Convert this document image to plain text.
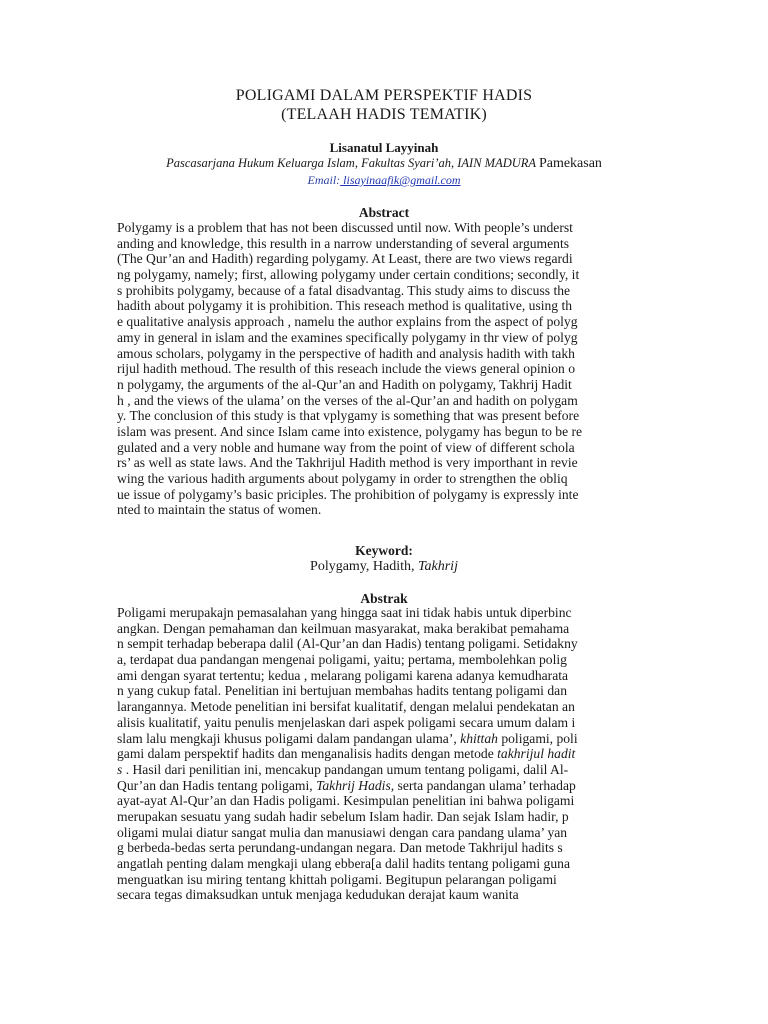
POLIGAMI DALAM PERSPEKTIF HADIS
(TELAAH HADIS TEMATIK)
Lisanatul Layyinah
Pascasarjana Hukum Keluarga Islam, Fakultas Syari’ah, IAIN MADURA Pamekasan
Email: lisayinaafik@gmail.com
Abstract
Polygamy is a problem that has not been discussed until now. With people’s underst
anding and knowledge, this resulth in a narrow understanding of several arguments
(The Qur’an and Hadith) regarding polygamy. At Least, there are two views regardi
ng polygamy, namely; first, allowing polygamy under certain conditions; secondly, it
s prohibits polygamy, because of a fatal disadvantag. This study aims to discuss the
hadith about polygamy it is prohibition. This reseach method is qualitative, using th
e qualitative analysis approach , namelu the author explains from the aspect of polyg
amy in general in islam and the examines specifically polygamy in thr view of polyg
amous scholars, polygamy in the perspective of hadith and analysis hadith with takh
rijul hadith methoud. The resulth of this reseach include the views general opinion o
n polygamy, the arguments of the al-Qur’an and Hadith on polygamy, Takhrij Hadit
h , and the views of the ulama’ on the verses of the al-Qur’an and hadith on polygam
y. The conclusion of this study is that vplygamy is something that was present before
islam was present. And since Islam came into existence, polygamy has begun to be re
gulated and a very noble and humane way from the point of view of different schola
rs’ as well as state laws. And the Takhrijul Hadith method is very importhant in revie
wing the various hadith arguments about polygamy in order to strengthen the obliq
ue issue of polygamy’s basic priciples. The prohibition of polygamy is expressly inte
nted to maintain the status of women.
Keyword:
Polygamy, Hadith, Takhrij
Abstrak
Poligami merupakajn pemasalahan yang hingga saat ini tidak habis untuk diperbinc
angkan. Dengan pemahaman dan keilmuan masyarakat, maka berakibat pemahama
n sempit terhadap beberapa dalil (Al-Qur’an dan Hadis) tentang poligami. Setidakny
a, terdapat dua pandangan mengenai poligami, yaitu; pertama, membolehkan polig
ami dengan syarat tertentu; kedua , melarang poligami karena adanya kemudharata
n yang cukup fatal. Penelitian ini bertujuan membahas hadits tentang poligami dan
larangannya. Metode penelitian ini bersifat kualitatif, dengan melalui pendekatan an
alisis kualitatif, yaitu penulis menjelaskan dari aspek poligami secara umum dalam i
slam lalu mengkaji khusus poligami dalam pandangan ulama’, khittah poligami, poli
gami dalam perspektif hadits dan menganalisis hadits dengan metode takhrijul hadit
s . Hasil dari penilitian ini, mencakup pandangan umum tentang poligami, dalil Al-
Qur’an dan Hadis tentang poligami, Takhrij Hadis, serta pandangan ulama’ terhadap
ayat-ayat Al-Qur’an dan Hadis poligami. Kesimpulan penelitian ini bahwa poligami
merupakan sesuatu yang sudah hadir sebelum Islam hadir. Dan sejak Islam hadir, p
oligami mulai diatur sangat mulia dan manusiawi dengan cara pandang ulama’ yan
g berbeda-bedas serta perundang-undangan negara. Dan metode Takhrijul hadits s
angatlah penting dalam mengkaji ulang ebbera[a dalil hadits tentang poligami guna
menguatkan isu miring tentang khittah poligami. Begitupun pelarangan poligami
secara tegas dimaksudkan untuk menjaga kedudukan derajat kaum wanita
